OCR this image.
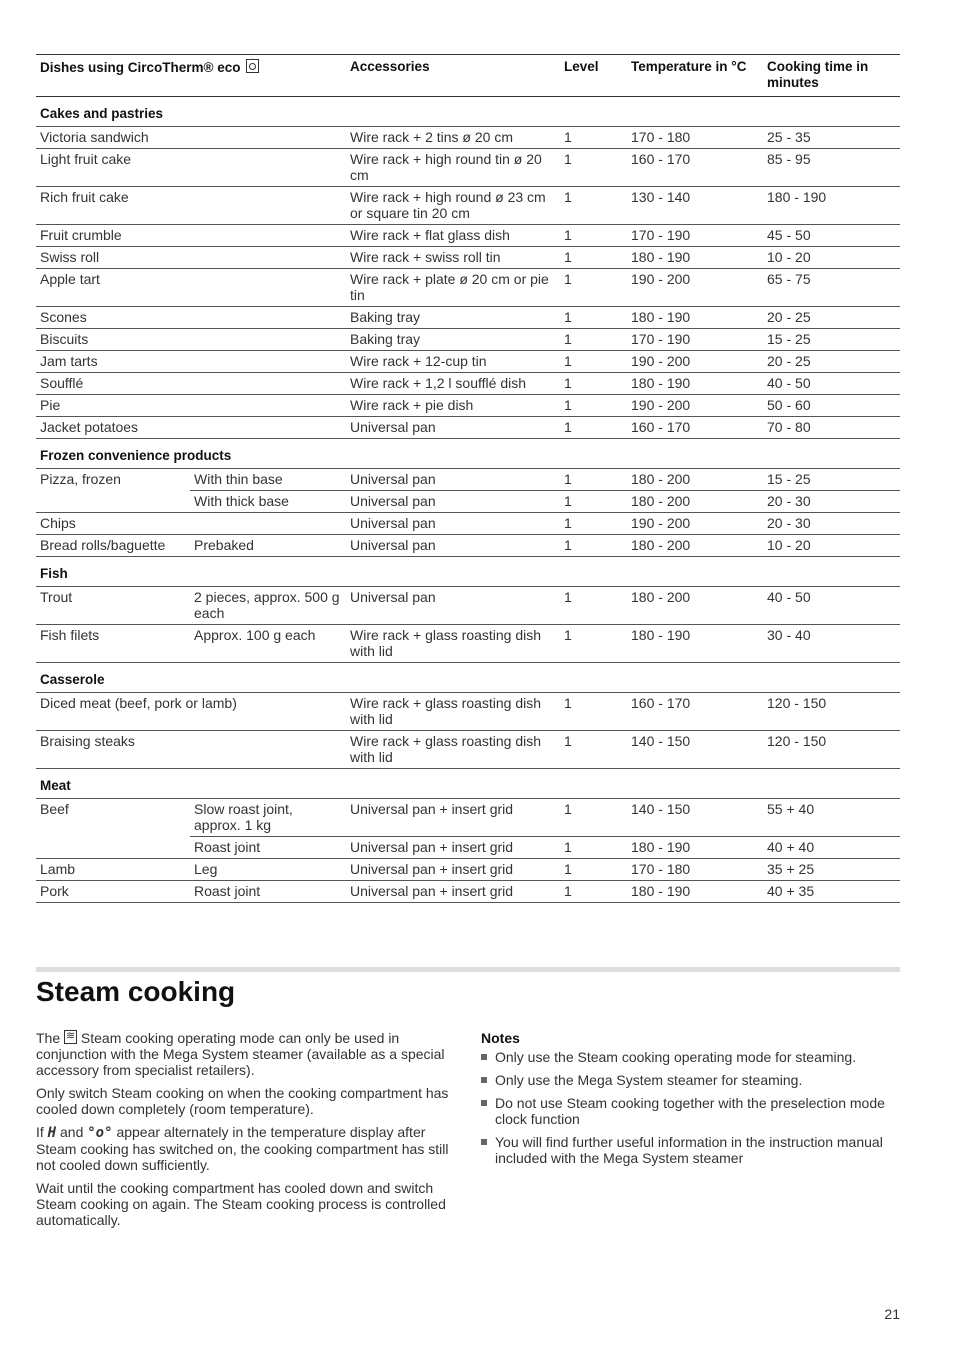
Dishes using CircoTherm® eco		Accessories	Level	Temperature in °C	Cooking time in minutes
Cakes and pastries					
Victoria sandwich		Wire rack + 2 tins ø 20 cm	1	170 - 180	25 - 35
Light fruit cake		Wire rack + high round tin ø 20 cm	1	160 - 170	85 - 95
Rich fruit cake		Wire rack + high round ø 23 cm or square tin 20 cm	1	130 - 140	180 - 190
Fruit crumble		Wire rack + flat glass dish	1	170 - 190	45 - 50
Swiss roll		Wire rack + swiss roll tin	1	180 - 190	10 - 20
Apple tart		Wire rack + plate ø 20 cm or pie tin	1	190 - 200	65 - 75
Scones		Baking tray	1	180 - 190	20 - 25
Biscuits		Baking tray	1	170 - 190	15 - 25
Jam tarts		Wire rack + 12-cup tin	1	190 - 200	20 - 25
Soufflé		Wire rack + 1,2 l soufflé dish	1	180 - 190	40 - 50
Pie		Wire rack + pie dish	1	190 - 200	50 - 60
Jacket potatoes		Universal pan	1	160 - 170	70 - 80
Frozen convenience products					
Pizza, frozen	With thin base	Universal pan	1	180 - 200	15 - 25
	With thick base	Universal pan	1	180 - 200	20 - 30
Chips		Universal pan	1	190 - 200	20 - 30
Bread rolls/baguette	Prebaked	Universal pan	1	180 - 200	10 - 20
Fish					
Trout	2 pieces, approx. 500 g each	Universal pan	1	180 - 200	40 - 50
Fish filets	Approx. 100 g each	Wire rack + glass roasting dish with lid	1	180 - 190	30 - 40
Casserole					
Diced meat (beef, pork or lamb)		Wire rack + glass roasting dish with lid	1	160 - 170	120 - 150
Braising steaks		Wire rack + glass roasting dish with lid	1	140 - 150	120 - 150
Meat					
Beef	Slow roast joint, approx. 1 kg	Universal pan + insert grid	1	140 - 150	55 + 40
	Roast joint	Universal pan + insert grid	1	180 - 190	40 + 40
Lamb	Leg	Universal pan + insert grid	1	170 - 180	35 + 25
Pork	Roast joint	Universal pan + insert grid	1	180 - 190	40 + 35
Steam cooking

The ≋ Steam cooking operating mode can only be used in conjunction with the Mega System steamer (available as a special accessory from specialist retailers).

Only switch Steam cooking on when the cooking compartment has cooled down completely (room temperature).

If H and °o° appear alternately in the temperature display after Steam cooking has switched on, the cooking compartment has still not cooled down sufficiently.

Wait until the cooking compartment has cooled down and switch Steam cooking on again. The Steam cooking process is controlled automatically.

Notes
Only use the Steam cooking operating mode for steaming.
Only use the Mega System steamer for steaming.
Do not use Steam cooking together with the preselection mode clock function
You will find further useful information in the instruction manual included with the Mega System steamer
21
